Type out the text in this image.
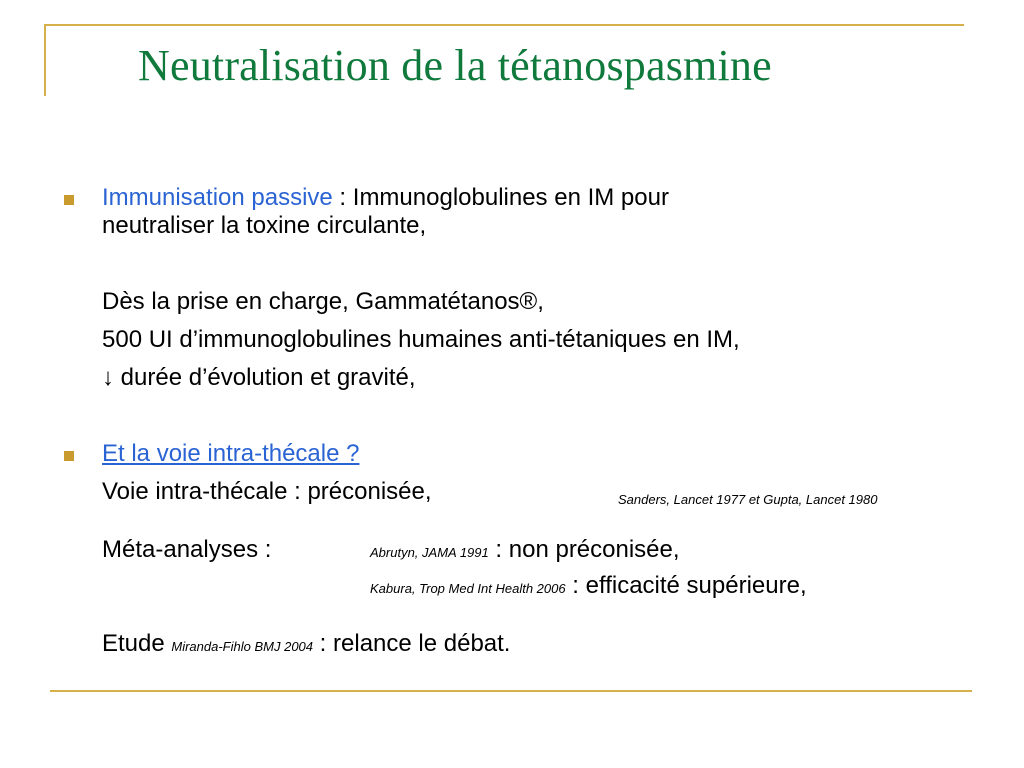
Neutralisation de la tétanospasmine
Immunisation passive : Immunoglobulines en IM pour
neutraliser la toxine circulante,
Dès la prise en charge, Gammatétanos®,
500 UI d’immunoglobulines humaines anti-tétaniques en IM,
↓ durée d’évolution et gravité,
Et la voie intra-thécale ?
Voie intra-thécale : préconisée,	Sanders, Lancet 1977 et Gupta, Lancet 1980
Méta-analyses :	Abrutyn, JAMA 1991 : non préconisée,
Kabura, Trop Med Int Health 2006 : efficacité supérieure,
Etude Miranda-Fihlo BMJ 2004 : relance le débat.
